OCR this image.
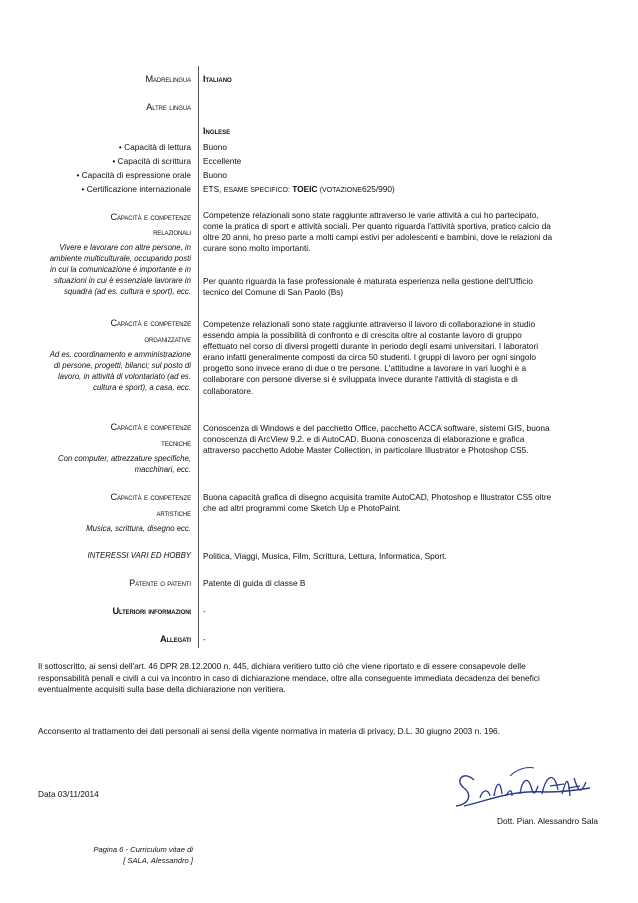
Madrelingua Italiano
Altre lingua
Inglese
• Capacità di lettura Buono
• Capacità di scrittura Eccellente
• Capacità di espressione orale Buono
• Certificazione internazionale ETS, ESAME SPECIFICO: TOEIC (VOTAZIONE625/990)
Capacità e competenze
relazionali
Vivere e lavorare con altre persone, in
ambiente multiculturale, occupando posti
in cui la comunicazione è importante e in
situazioni in cui è essenziale lavorare in
squadra (ad es. cultura e sport), ecc.
Competenze relazionali sono state raggiunte attraverso le varie attività a cui ho partecipato,
come la pratica di sport e attività sociali. Per quanto riguarda l'attività sportiva, pratico calcio da
oltre 20 anni, ho preso parte a molti campi estivi per adolescenti e bambini, dove le relazioni da
curare sono molto importanti.
Per quanto riguarda la fase professionale è maturata esperienza nella gestione dell'Ufficio
tecnico del Comune di San Paolo (Bs)
Capacità e competenze
organizzative
Ad es. coordinamento e amministrazione
di persone, progetti, bilanci; sul posto di
lavoro, in attività di volontariato (ad es.
cultura e sport), a casa, ecc.
Competenze relazionali sono state raggiunte attraverso il lavoro di collaborazione in studio
essendo ampia la possibilità di confronto e di crescita oltre al costante lavoro di gruppo
effettuato nel corso di diversi progetti durante in periodo degli esami universitari. I laboratori
erano infatti generalmente composti da circa 50 studenti. I gruppi di lavoro per ogni singolo
progetto sono invece erano di due o tre persone. L'attitudine a lavorare in vari luoghi e a
collaborare con persone diverse si è sviluppata invece durante l'attività di stagista e di
collaboratore.
Capacità e competenze
tecniche
Con computer, attrezzature specifiche,
macchinari, ecc.
Conoscenza di Windows e del pacchetto Office, pacchetto ACCA software, sistemi GIS, buona
conoscenza di ArcView 9.2. e di AutoCAD. Buona conoscenza di elaborazione e grafica
attraverso pacchetto Adobe Master Collection, in particolare Illustrator e Photoshop CS5.
Capacità e competenze
artistiche
Musica, scrittura, disegno ecc.
Buona capacità grafica di disegno acquisita tramite AutoCAD, Photoshop e Illustrator CS5 oltre
che ad altri programmi come Sketch Up e PhotoPaint.
INTERESSI VARI ED HOBBY Politica, Viaggi, Musica, Film, Scrittura, Lettura, Informatica, Sport.
Patente o patenti Patente di guida di classe B
Ulteriori informazioni -
Allegati -
Il sottoscritto, ai sensi dell'art. 46 DPR 28.12.2000 n. 445, dichiara veritiero tutto ciò che viene riportato e di essere consapevole delle
responsabilità penali e civili a cui va incontro in caso di dichiarazione mendace, oltre alla conseguente immediata decadenza dei benefici
eventualmente acquisiti sulla base della dichiarazione non veritiera.
Acconsento al trattamento dei dati personali ai sensi della vigente normativa in materia di privacy, D.L. 30 giugno 2003 n. 196.
Data 03/11/2014
Dott. Pian. Alessandro Sala
Pagina 6 - Curriculum vitae di
[ SALA, Alessandro ]
